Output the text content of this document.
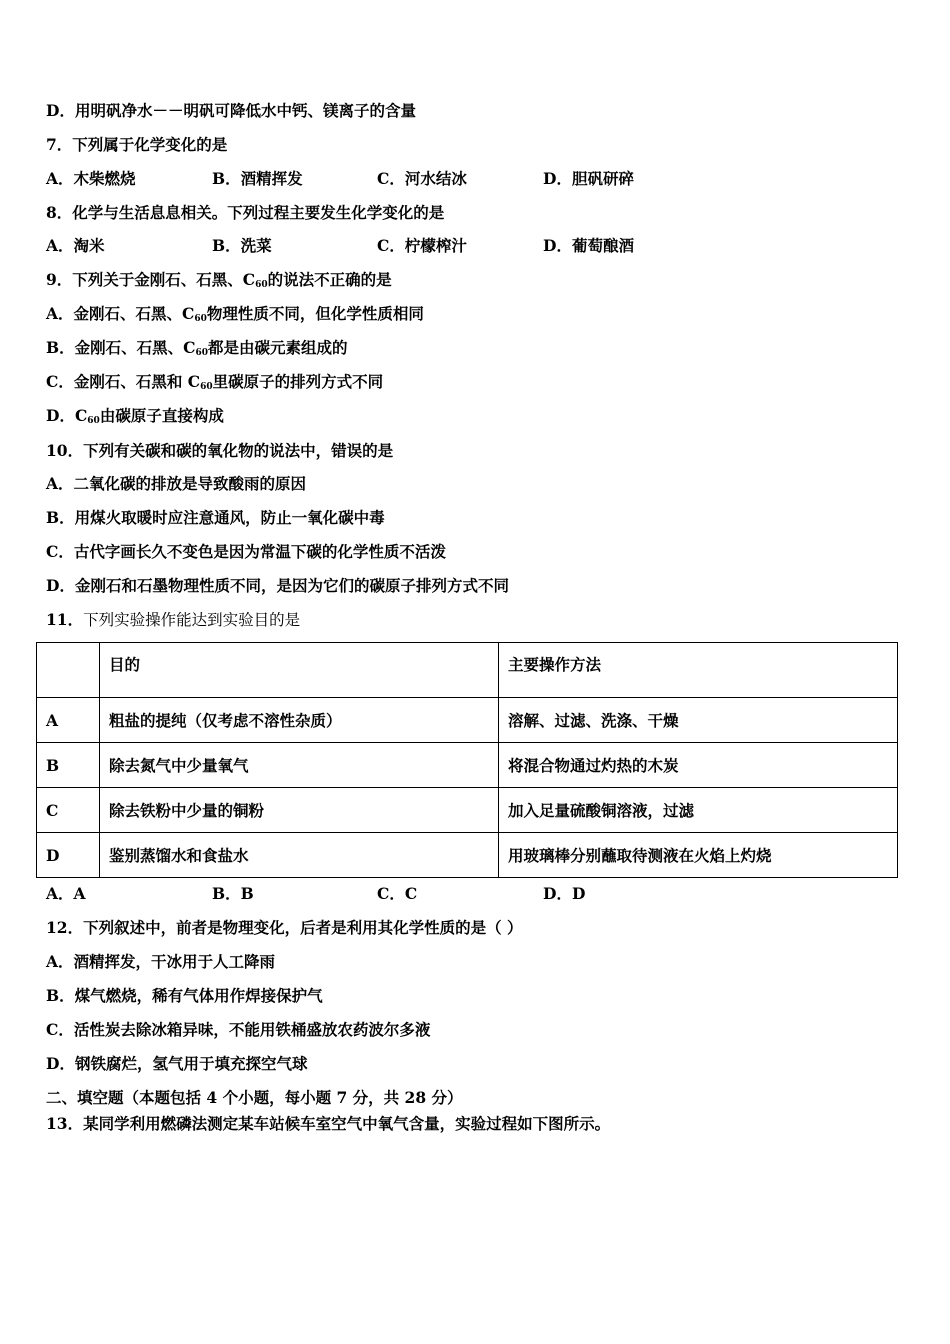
D．用明矾净水－－明矾可降低水中钙、镁离子的含量
7．下列属于化学变化的是
A．木柴燃烧	B．酒精挥发	C．河水结冰	D．胆矾研碎
8．化学与生活息息相关。下列过程主要发生化学变化的是
A．淘米	B．洗菜	C．柠檬榨汁	D．葡萄酿酒
9．下列关于金刚石、石黑、$C_{60}$的说法不正确的是
A．金刚石、石黑、$C_{60}$物理性质不同，但化学性质相同
B．金刚石、石黑、$C_{60}$都是由碳元素组成的
C．金刚石、石黑和 $C_{60}$里碳原子的排列方式不同
D．$C_{60}$由碳原子直接构成
10．下列有关碳和碳的氧化物的说法中，错误的是
A．二氧化碳的排放是导致酸雨的原因
B．用煤火取暖时应注意通风，防止一氧化碳中毒
C．古代字画长久不变色是因为常温下碳的化学性质不活泼
D．金刚石和石墨物理性质不同，是因为它们的碳原子排列方式不同
11．下列实验操作能达到实验目的是
	目的	主要操作方法
A	粗盐的提纯（仅考虑不溶性杂质）	溶解、过滤、洗涤、干燥
B	除去氮气中少量氧气	将混合物通过灼热的木炭
C	除去铁粉中少量的铜粉	加入足量硫酸铜溶液，过滤
D	鉴别蒸馏水和食盐水	用玻璃棒分别蘸取待测液在火焰上灼烧
A．A	B．B	C．C	D．D
12．下列叙述中，前者是物理变化，后者是利用其化学性质的是（ ）
A．酒精挥发，干冰用于人工降雨
B．煤气燃烧，稀有气体用作焊接保护气
C．活性炭去除冰箱异味，不能用铁桶盛放农药波尔多液
D．钢铁腐烂，氢气用于填充探空气球
二、填空题（本题包括 4 个小题，每小题 7 分，共 28 分）
13．某同学利用燃磷法测定某车站候车室空气中氧气含量，实验过程如下图所示。
